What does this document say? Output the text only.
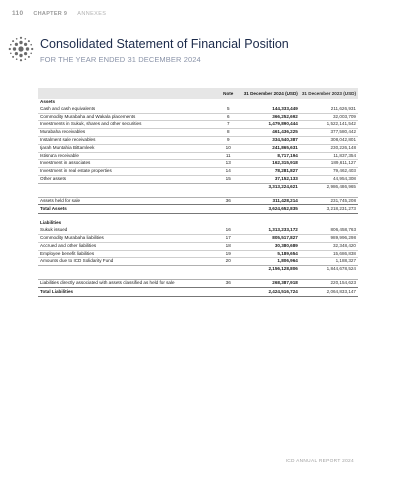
110 CHAPTER 9 ANNEXES
Consolidated Statement of Financial Position
FOR THE YEAR ENDED 31 DECEMBER 2024
	Note	31 December 2024 (USD)	31 December 2023 (USD)
Assets			
Cash and cash equivalents	5	144,333,449	211,626,931
Commodity Murabaha and Wakala placements	6	366,252,692	32,003,709
Investments in Sukuk, shares and other securities	7	1,479,890,444	1,522,141,542
Murabaha receivables	8	461,436,225	377,580,442
Instalment sale receivables	9	334,540,387	308,042,801
Ijarah Muntahia Bittamleek	10	241,865,631	230,226,148
Istisna'a receivable	11	8,717,194	11,837,354
Investment in associates	13	162,315,918	189,611,127
Investment in real estate properties	14	78,281,827	79,462,403
Other assets	15	37,152,133	44,954,308
		3,313,224,621	2,986,486,965

Assets held for sale	36	311,428,214	231,745,208
Total Assets		3,624,652,835	3,218,231,273

Liabilities			
Sukuk issued	16	1,313,233,172	806,458,763
Commodity Murabaha liabilities	17	805,517,827	989,996,298
Accrued and other liabilities	18	30,380,689	32,348,420
Employee benefit liabilities	19	5,189,654	15,686,838
Amounts due to ICD Solidarity Fund	20	1,806,964	1,188,327
		2,156,128,806	1,844,678,524

Liabilities directly associated with assets classified as held for sale	36	268,387,918	220,154,623
Total Liabilities		2,424,516,724	2,064,833,147
ICD ANNUAL REPORT 2024
